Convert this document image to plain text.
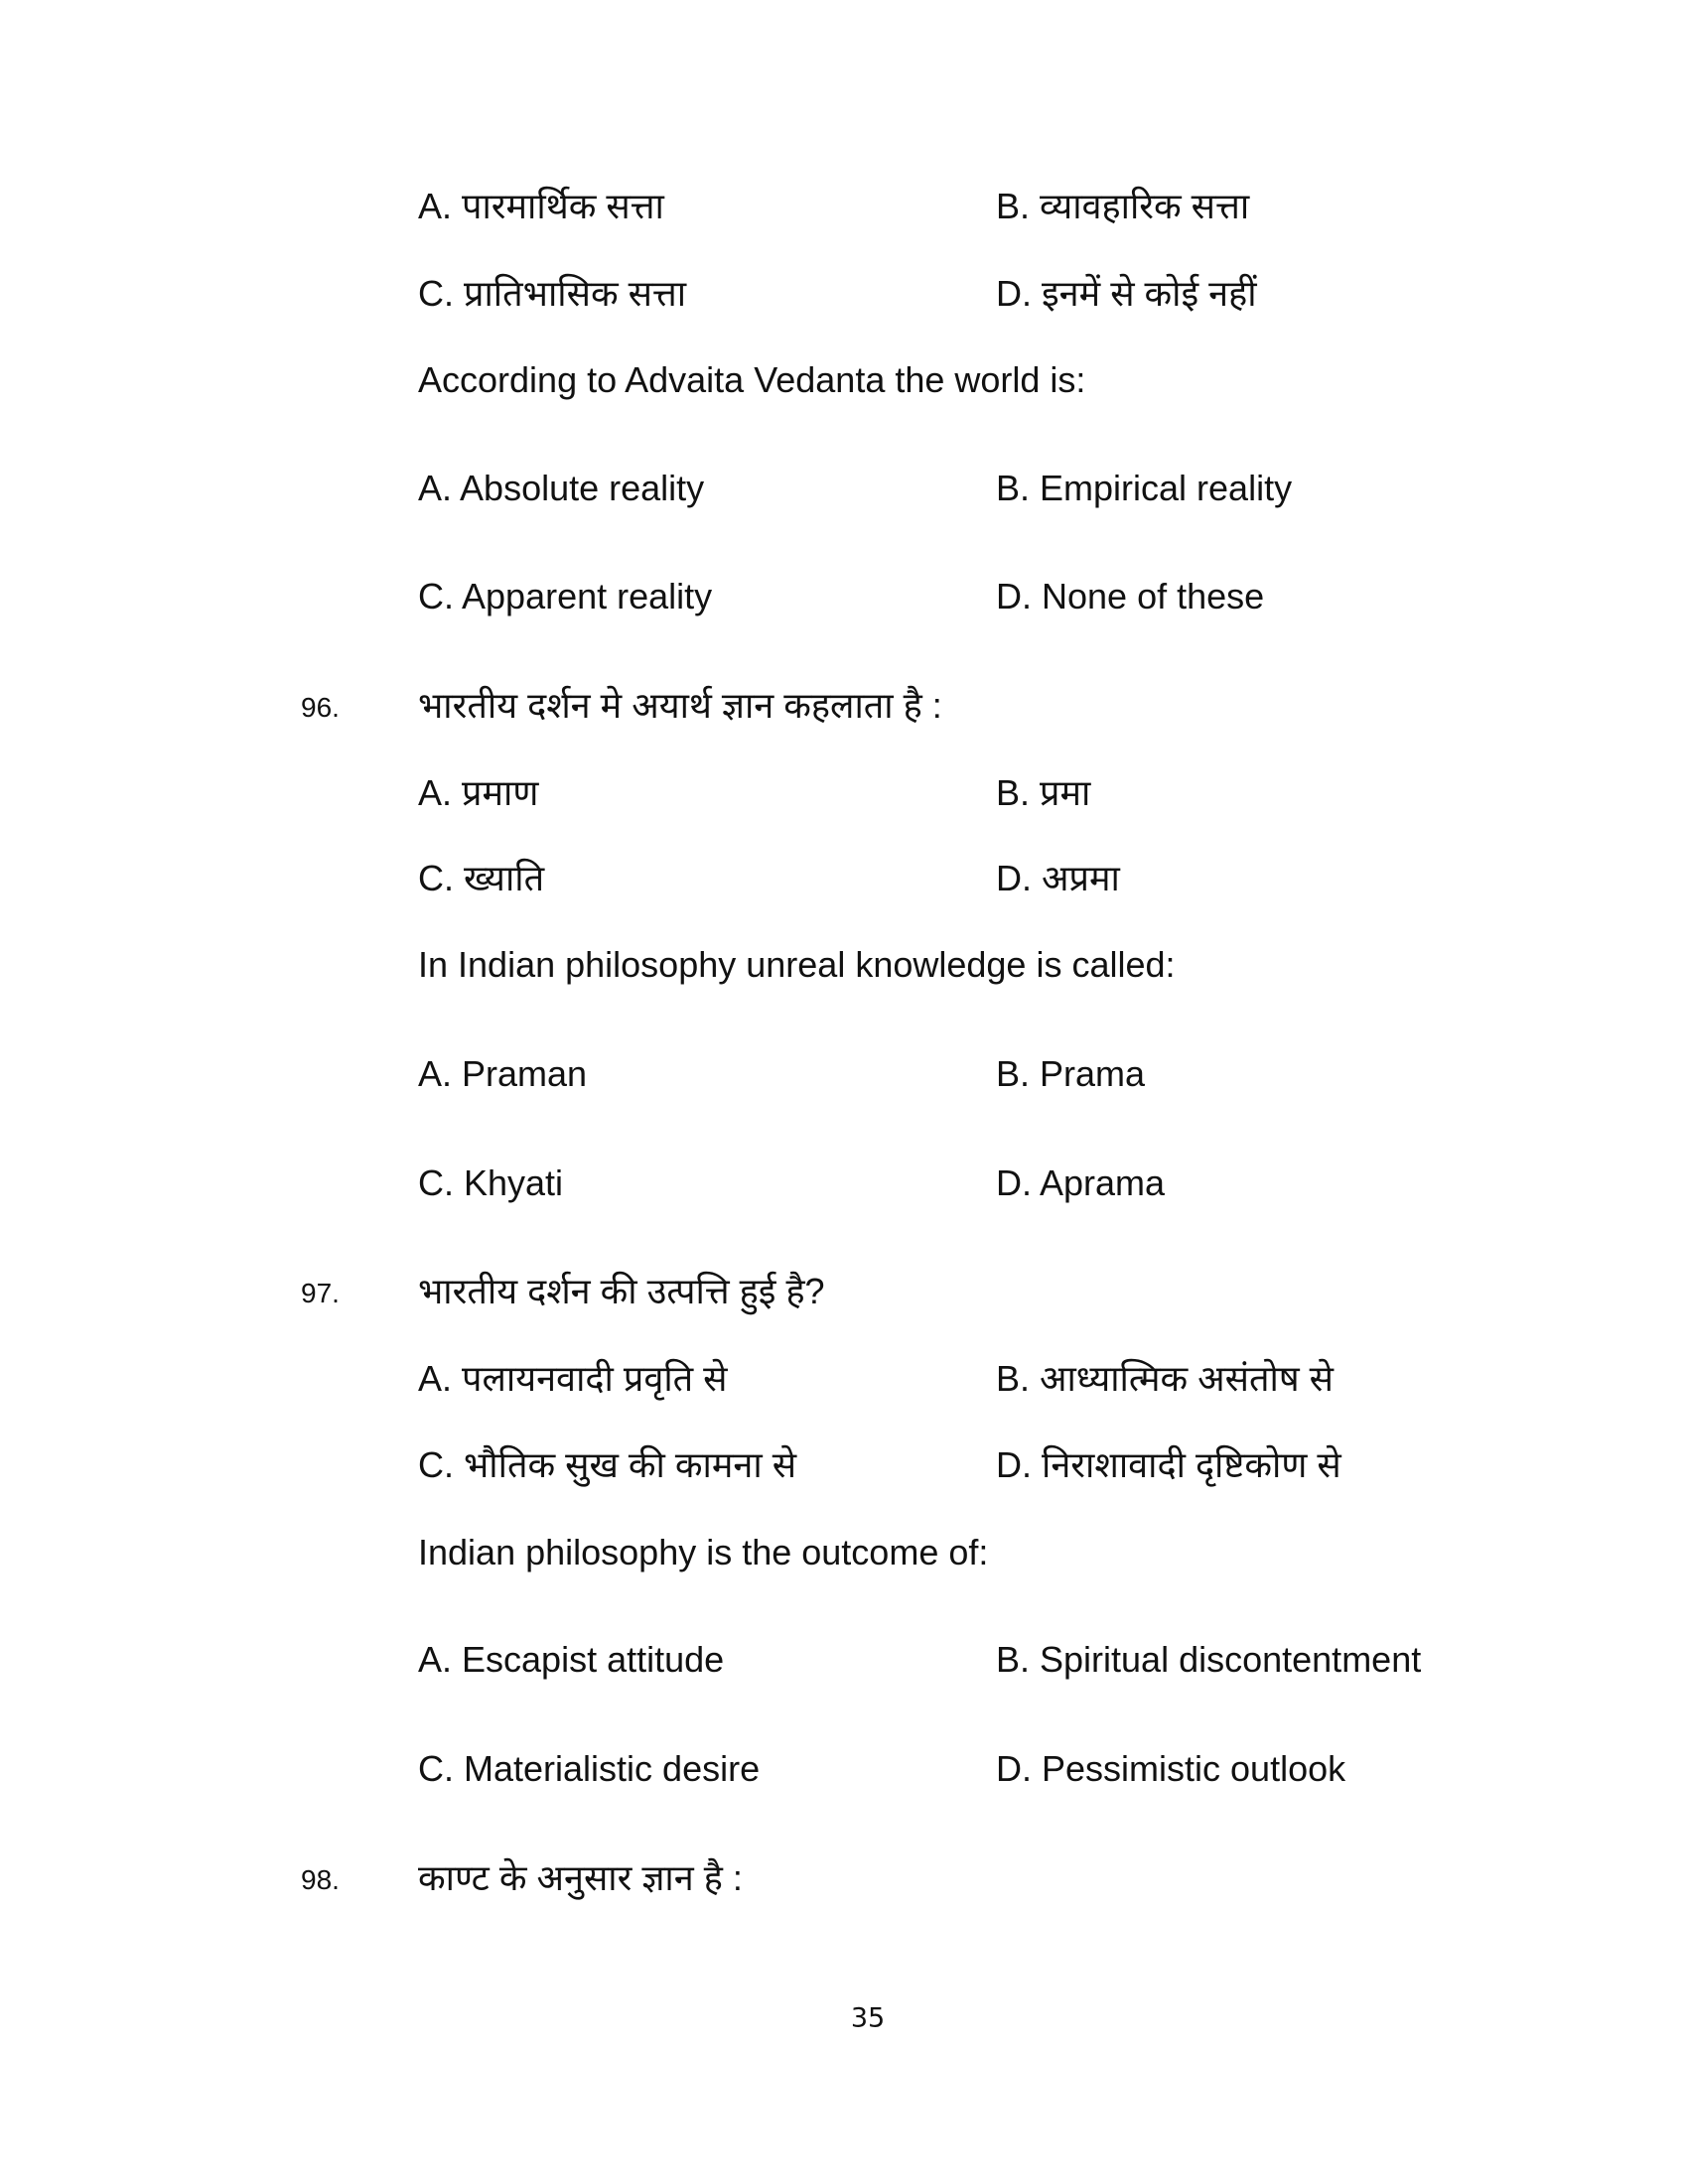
A. पारमार्थिक सत्ता	B. व्यावहारिक सत्ता
C. प्रातिभासिक सत्ता	D. इनमें से कोई नहीं
According to Advaita Vedanta the world is:
A. Absolute reality	B. Empirical reality
C. Apparent reality	D. None of these
96. भारतीय दर्शन मे अयार्थ ज्ञान कहलाता है :
A. प्रमाण	B. प्रमा
C. ख्याति	D. अप्रमा
In Indian philosophy unreal knowledge is called:
A. Praman	B. Prama
C. Khyati	D. Aprama
97. भारतीय दर्शन की उत्पत्ति हुई है?
A. पलायनवादी प्रवृति से	B. आध्यात्मिक असंतोष से
C. भौतिक सुख की कामना से	D. निराशावादी दृष्टिकोण से
Indian philosophy is the outcome of:
A. Escapist attitude	B. Spiritual discontentment
C. Materialistic desire	D. Pessimistic outlook
98. काण्ट के अनुसार ज्ञान है :
35
